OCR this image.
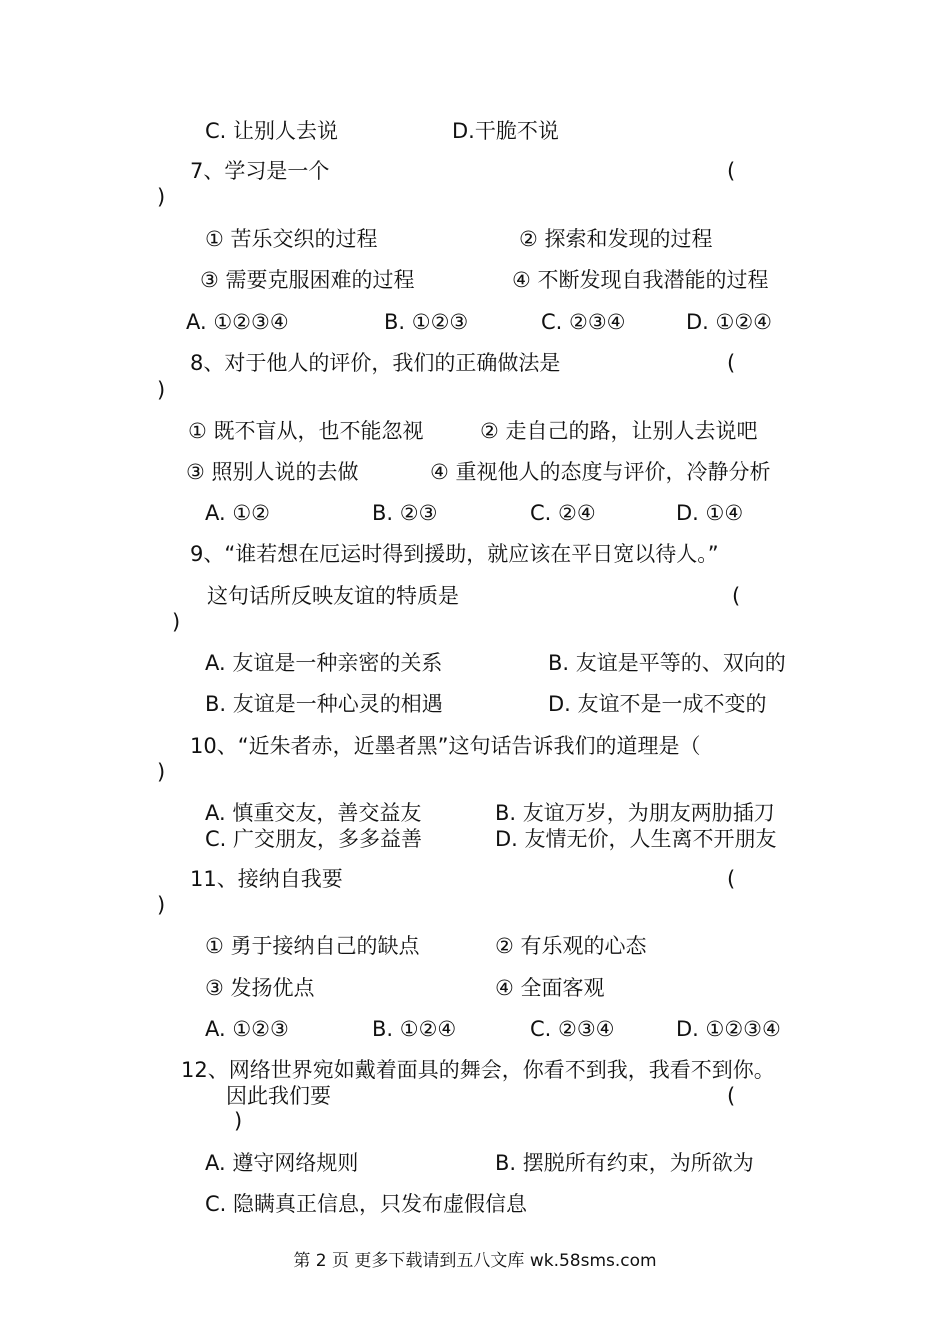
C. 让别人去说	D.干脆不说
7、学习是一个	(
)
① 苦乐交织的过程	② 探索和发现的过程
③ 需要克服困难的过程	④ 不断发现自我潜能的过程
A. ①②③④	B. ①②③	C. ②③④	D. ①②④
8、对于他人的评价，我们的正确做法是	(
)
① 既不盲从，也不能忽视	② 走自己的路，让别人去说吧
③ 照别人说的去做	④ 重视他人的态度与评价，冷静分析
A. ①②	B. ②③	C. ②④	D. ①④
9、“谁若想在厄运时得到援助，就应该在平日宽以待人。”
这句话所反映友谊的特质是	(
)
A. 友谊是一种亲密的关系	B. 友谊是平等的、双向的
B. 友谊是一种心灵的相遇	D. 友谊不是一成不变的
10、“近朱者赤，近墨者黑”这句话告诉我们的道理是（
)
A. 慎重交友，善交益友	B. 友谊万岁，为朋友两肋插刀
C. 广交朋友，多多益善	D. 友情无价，人生离不开朋友
11、接纳自我要	(
)
① 勇于接纳自己的缺点	② 有乐观的心态
③ 发扬优点	④ 全面客观
A. ①②③	B. ①②④	C. ②③④	D. ①②③④
12、网络世界宛如戴着面具的舞会，你看不到我，我看不到你。
因此我们要	(
)
A. 遵守网络规则	B. 摆脱所有约束，为所欲为
C. 隐瞒真正信息，只发布虚假信息
第 2 页 更多下载请到五八文库 wk.58sms.com
